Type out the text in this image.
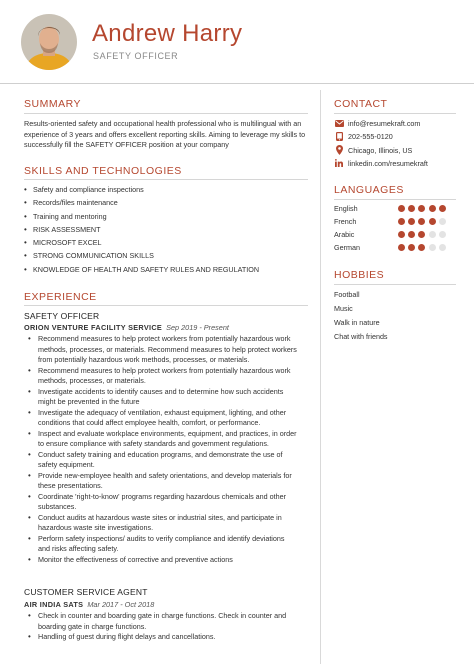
Andrew Harry
SAFETY OFFICER
SUMMARY
Results-oriented safety and occupational health professional who is multilingual with an experience of 3 years and offers excellent reporting skills. Aiming to leverage my skills to successfully fill the SAFETY OFFICER position at your company
SKILLS AND TECHNOLOGIES
• Safety and compliance inspections
• Records/files maintenance
• Training and mentoring
• RISK ASSESSMENT
• MICROSOFT EXCEL
• STRONG COMMUNICATION SKILLS
• KNOWLEDGE OF HEALTH AND SAFETY RULES AND REGULATION
EXPERIENCE
SAFETY OFFICER
ORION VENTURE FACILITY SERVICE Sep 2019 - Present
• Recommend measures to help protect workers from potentially hazardous work methods, processes, or materials. Recommend measures to help protect workers from potentially hazardous work methods, processes, or materials.
• Recommend measures to help protect workers from potentially hazardous work methods, processes, or materials.
• Investigate accidents to identify causes and to determine how such accidents might be prevented in the future
• Investigate the adequacy of ventilation, exhaust equipment, lighting, and other conditions that could affect employee health, comfort, or performance.
• Inspect and evaluate workplace environments, equipment, and practices, in order to ensure compliance with safety standards and government regulations.
• Conduct safety training and education programs, and demonstrate the use of safety equipment.
• Provide new-employee health and safety orientations, and develop materials for these presentations.
• Coordinate 'right-to-know' programs regarding hazardous chemicals and other substances.
• Conduct audits at hazardous waste sites or industrial sites, and participate in hazardous waste site investigations.
• Perform safety inspections/ audits to verify compliance and identify deviations and risks affecting safety.
• Monitor the effectiveness of corrective and preventive actions
CUSTOMER SERVICE AGENT
AIR INDIA SATS Mar 2017 - Oct 2018
• Check in counter and boarding gate in charge functions. Check in counter and boarding gate in charge functions.
• Handling of guest during flight delays and cancellations.
CONTACT
info@resumekraft.com
202-555-0120
Chicago, Illinois, US
linkedin.com/resumekraft
LANGUAGES
English
French
Arabic
German
HOBBIES
Football
Music
Walk in nature
Chat with friends
